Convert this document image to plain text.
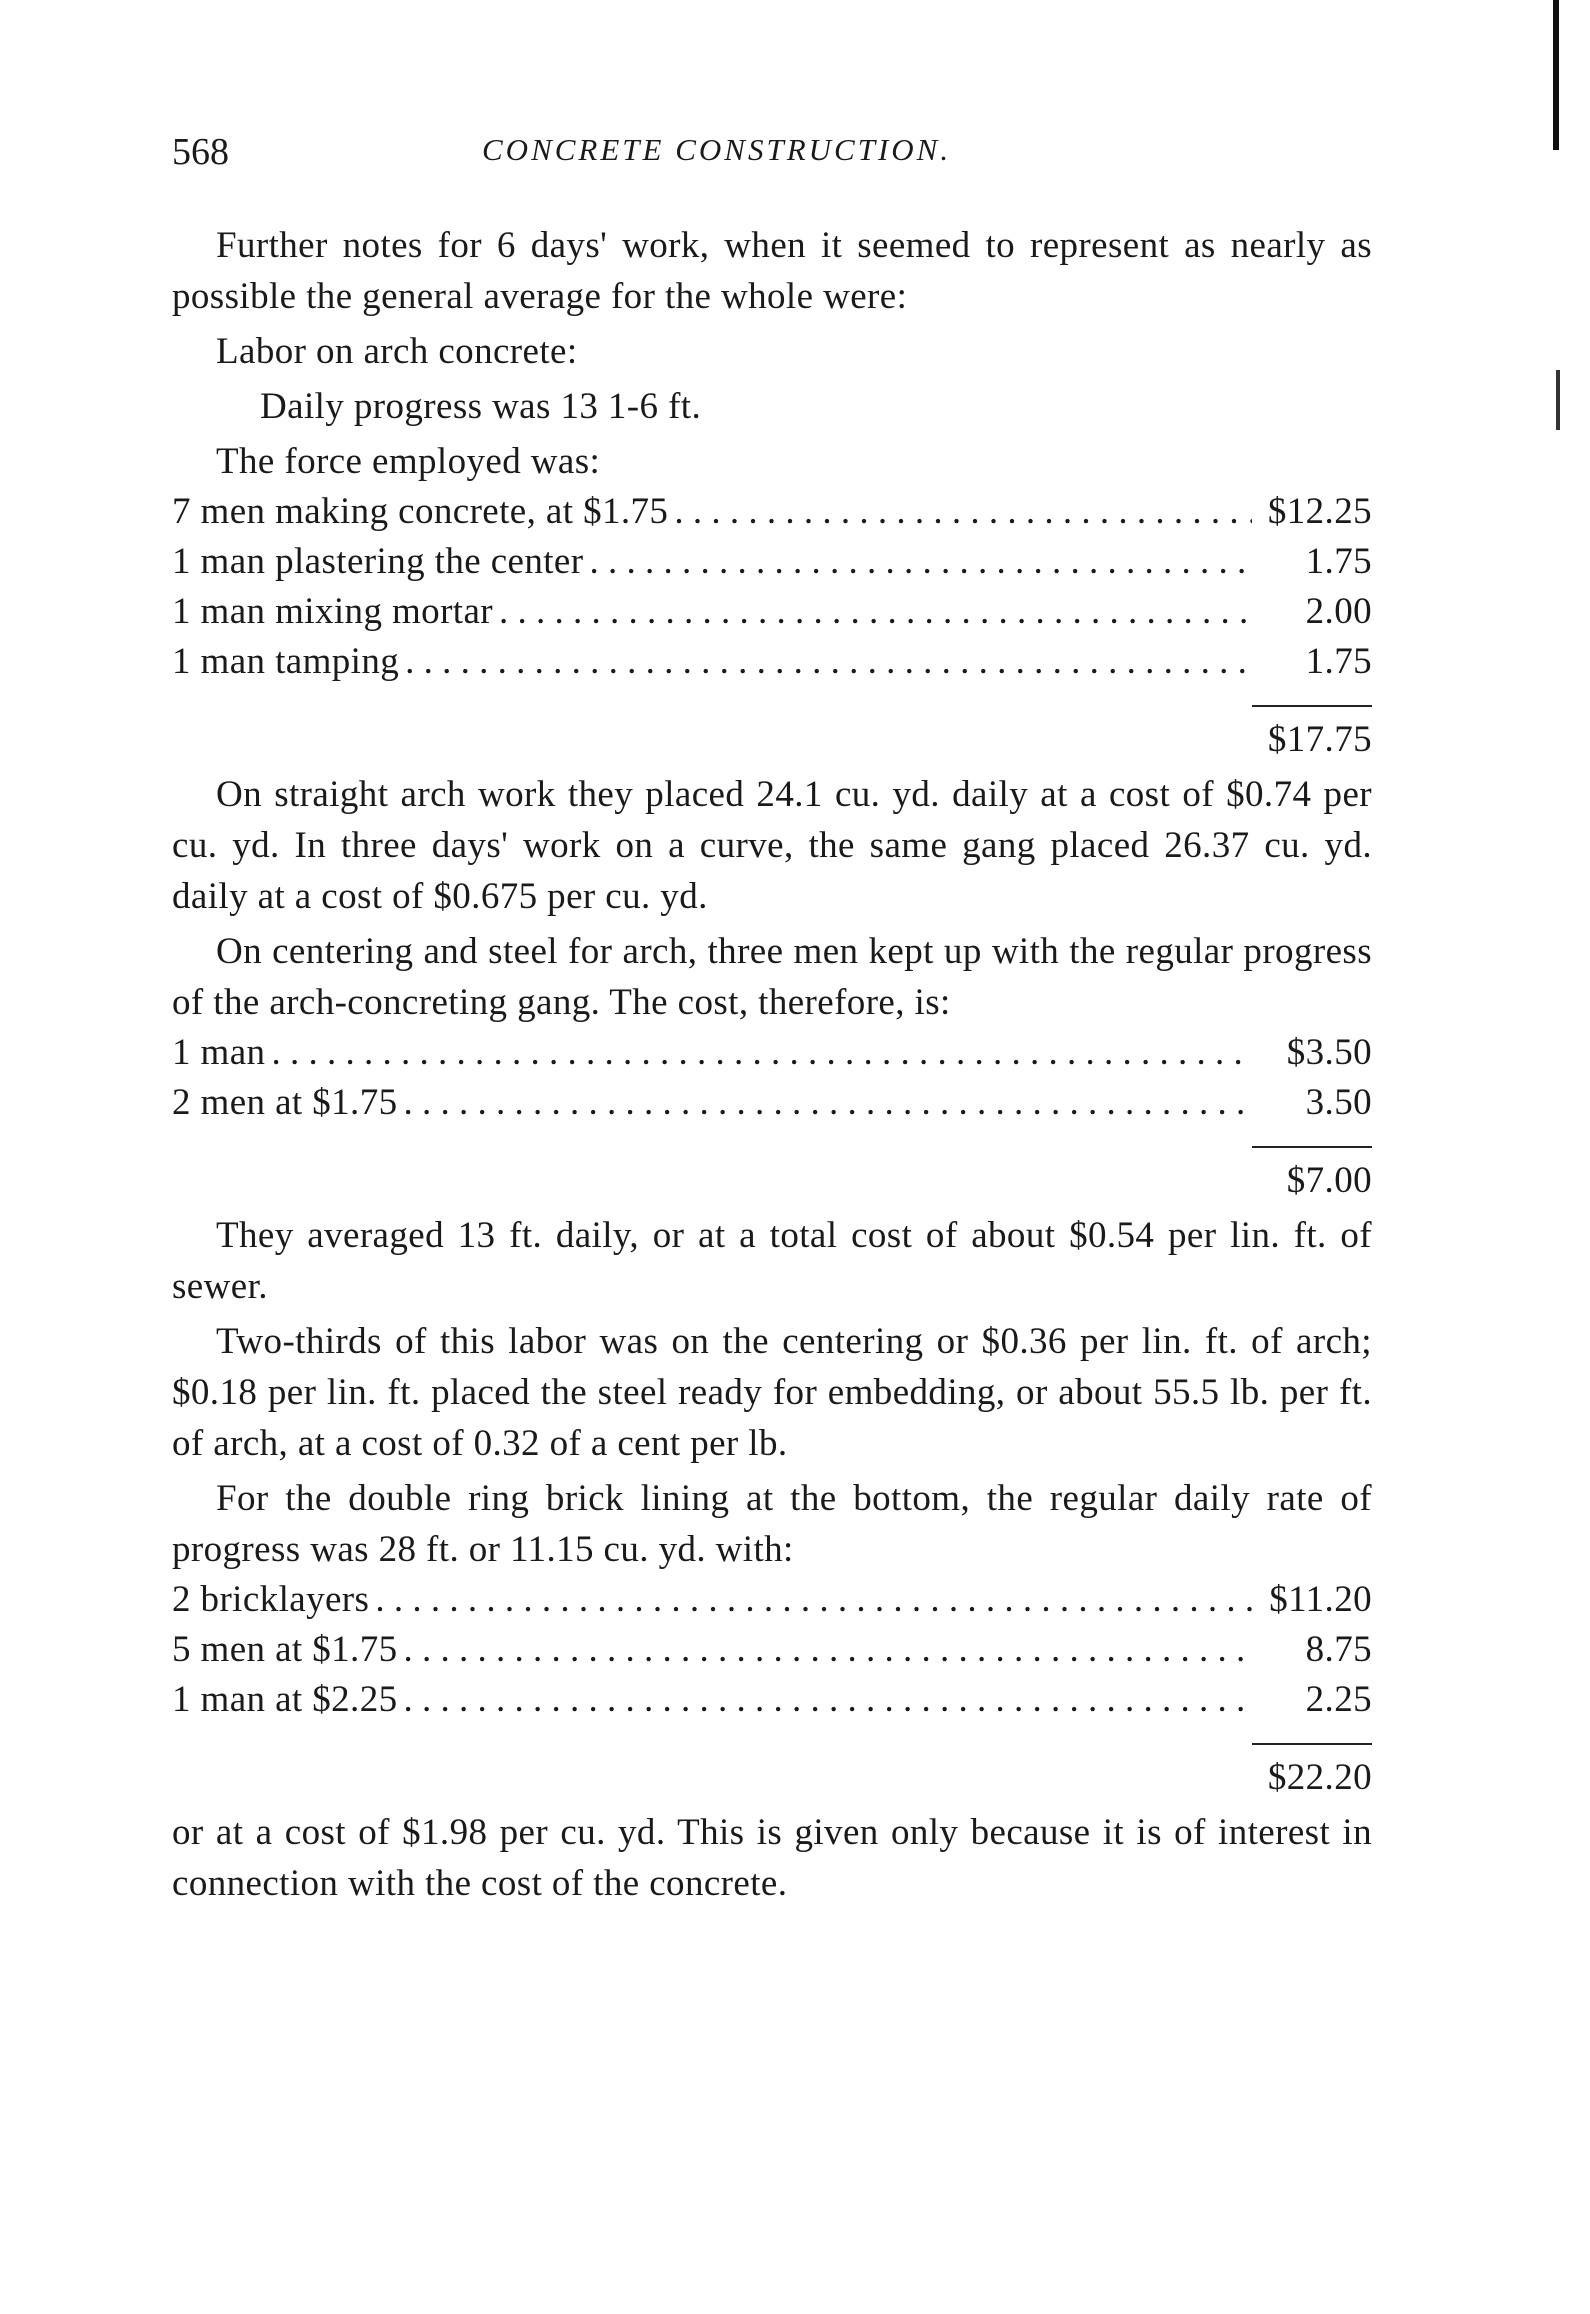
568	CONCRETE CONSTRUCTION.

Further notes for 6 days' work, when it seemed to represent as nearly as possible the general average for the whole were:

Labor on arch concrete:

Daily progress was 13 1-6 ft.

The force employed was:

7 men making concrete, at $1.75 . . .	$12.25
1 man plastering the center . . .	1.75
1 man mixing mortar . . .	2.00
1 man tamping . . .	1.75
$17.75

On straight arch work they placed 24.1 cu. yd. daily at a cost of $0.74 per cu. yd. In three days' work on a curve, the same gang placed 26.37 cu. yd. daily at a cost of $0.675 per cu. yd.

On centering and steel for arch, three men kept up with the regular progress of the arch-concreting gang. The cost, therefore, is:

1 man . . .	$3.50
2 men at $1.75 . . .	3.50
$7.00

They averaged 13 ft. daily, or at a total cost of about $0.54 per lin. ft. of sewer.

Two-thirds of this labor was on the centering or $0.36 per lin. ft. of arch; $0.18 per lin. ft. placed the steel ready for embedding, or about 55.5 lb. per ft. of arch, at a cost of 0.32 of a cent per lb.

For the double ring brick lining at the bottom, the regular daily rate of progress was 28 ft. or 11.15 cu. yd. with:

2 bricklayers . . .	$11.20
5 men at $1.75 . . .	8.75
1 man at $2.25 . . .	2.25
$22.20

or at a cost of $1.98 per cu. yd. This is given only because it is of interest in connection with the cost of the concrete.
